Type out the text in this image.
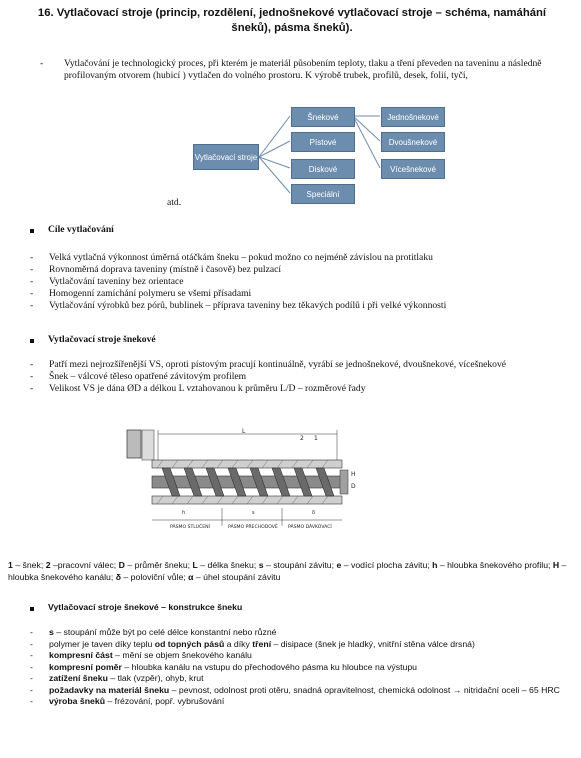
16. Vytlačovací stroje (princip, rozdělení, jednošnekové vytlačovací stroje – schéma, namáhání šneků), pásma šneků).
- Vytlačování je technologický proces, při kterém je materiál působením teploty, tlaku a tření převeden na taveninu a následně profilovaným otvorem (hubicí ) vytlačen do volného prostoru. K výrobě trubek, profilů, desek, folií, tyčí,
Vytlačovací stroje
Šnekové
Pístové
Diskové
Speciální
Jednošnekové
Dvoušnekové
Vícešnekové
atd.
Cíle vytlačování
- Velká vytlačná výkonnost úměrná otáčkám šneku – pokud možno co nejméně závislou na protitlaku
- Rovnoměrná doprava taveniny (místně i časově) bez pulzací
- Vytlačování taveniny bez orientace
- Homogenní zamíchání polymeru se všemi přísadami
- Vytlačování výrobků bez pórů, bublinek – příprava taveniny bez těkavých podílů i při velké výkonnosti
Vytlačovací stroje šnekové
- Patří mezi nejrozšířenější VS, oproti pístovým pracují kontinuálně, vyrábí se jednošnekové, dvoušnekové, vícešnekové
- Šnek – válcové těleso opatřené závitovým profilem
- Velikost VS je dána ØD a délkou L vztahovanou k průměru L/D – rozměrové řady
L
2 1
H
D
PÁSMO STLUČENÍ	PÁSMO PŘECHODOVÉ PÁSMO DÁVKOVACÍ
h	s	δ
1 – šnek; 2 –pracovní válec; D – průměr šneku; L – délka šneku; s – stoupání závitu; e – vodící plocha závitu; h – hloubka šnekového profilu; H – hloubka šnekového kanálu; δ – poloviční vůle; α – úhel stoupání závitu
Vytlačovací stroje šnekové – konstrukce šneku
- s – stoupání může být po celé délce konstantní nebo různé
- polymer je taven díky teplu od topných pásů a díky tření – disipace (šnek je hladký, vnitřní stěna válce drsná)
- kompresní část – mění se objem šnekového kanálu
- kompresní poměr – hloubka kanálu na vstupu do přechodového pásma ku hloubce na výstupu
- zatížení šneku – tlak (vzpěr), ohyb, krut
- požadavky na materiál šneku – pevnost, odolnost proti otěru, snadná opravitelnost, chemická odolnost → nitridační oceli – 65 HRC
- výroba šneků – frézování, popř. vybrušování
